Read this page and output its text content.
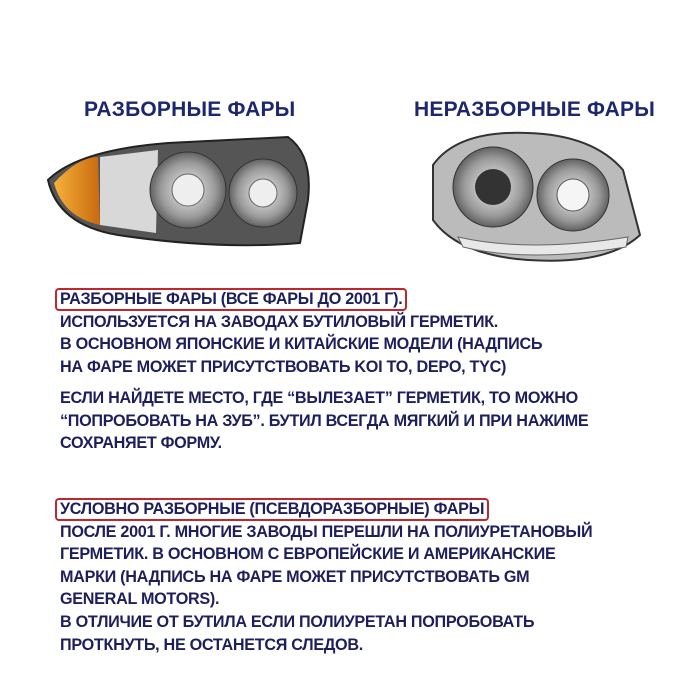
РАЗБОРНЫЕ ФАРЫ	НЕРАЗБОРНЫЕ ФАРЫ
РАЗБОРНЫЕ ФАРЫ (ВСЕ ФАРЫ ДО 2001 Г).
ИСПОЛЬЗУЕТСЯ НА ЗАВОДАХ БУТИЛОВЫЙ ГЕРМЕТИК.
В ОСНОВНОМ ЯПОНСКИЕ И КИТАЙСКИЕ МОДЕЛИ (НАДПИСЬ
НА ФАРЕ МОЖЕТ ПРИСУТСТВОВАТЬ KOI TO, DEPO, TYC)
ЕСЛИ НАЙДЕТЕ МЕСТО, ГДЕ “ВЫЛЕЗАЕТ” ГЕРМЕТИК, ТО МОЖНО
“ПОПРОБОВАТЬ НА ЗУБ”. БУТИЛ ВСЕГДА МЯГКИЙ И ПРИ НАЖИМЕ
СОХРАНЯЕТ ФОРМУ.
УСЛОВНО РАЗБОРНЫЕ (ПСЕВДОРАЗБОРНЫЕ) ФАРЫ
ПОСЛЕ 2001 Г. МНОГИЕ ЗАВОДЫ ПЕРЕШЛИ НА ПОЛИУРЕТАНОВЫЙ
ГЕРМЕТИК. В ОСНОВНОМ С ЕВРОПЕЙСКИЕ И АМЕРИКАНСКИЕ
МАРКИ (НАДПИСЬ НА ФАРЕ МОЖЕТ ПРИСУТСТВОВАТЬ GM
GENERAL MOTORS).
В ОТЛИЧИЕ ОТ БУТИЛА ЕСЛИ ПОЛИУРЕТАН ПОПРОБОВАТЬ
ПРОТКНУТЬ, НЕ ОСТАНЕТСЯ СЛЕДОВ.
